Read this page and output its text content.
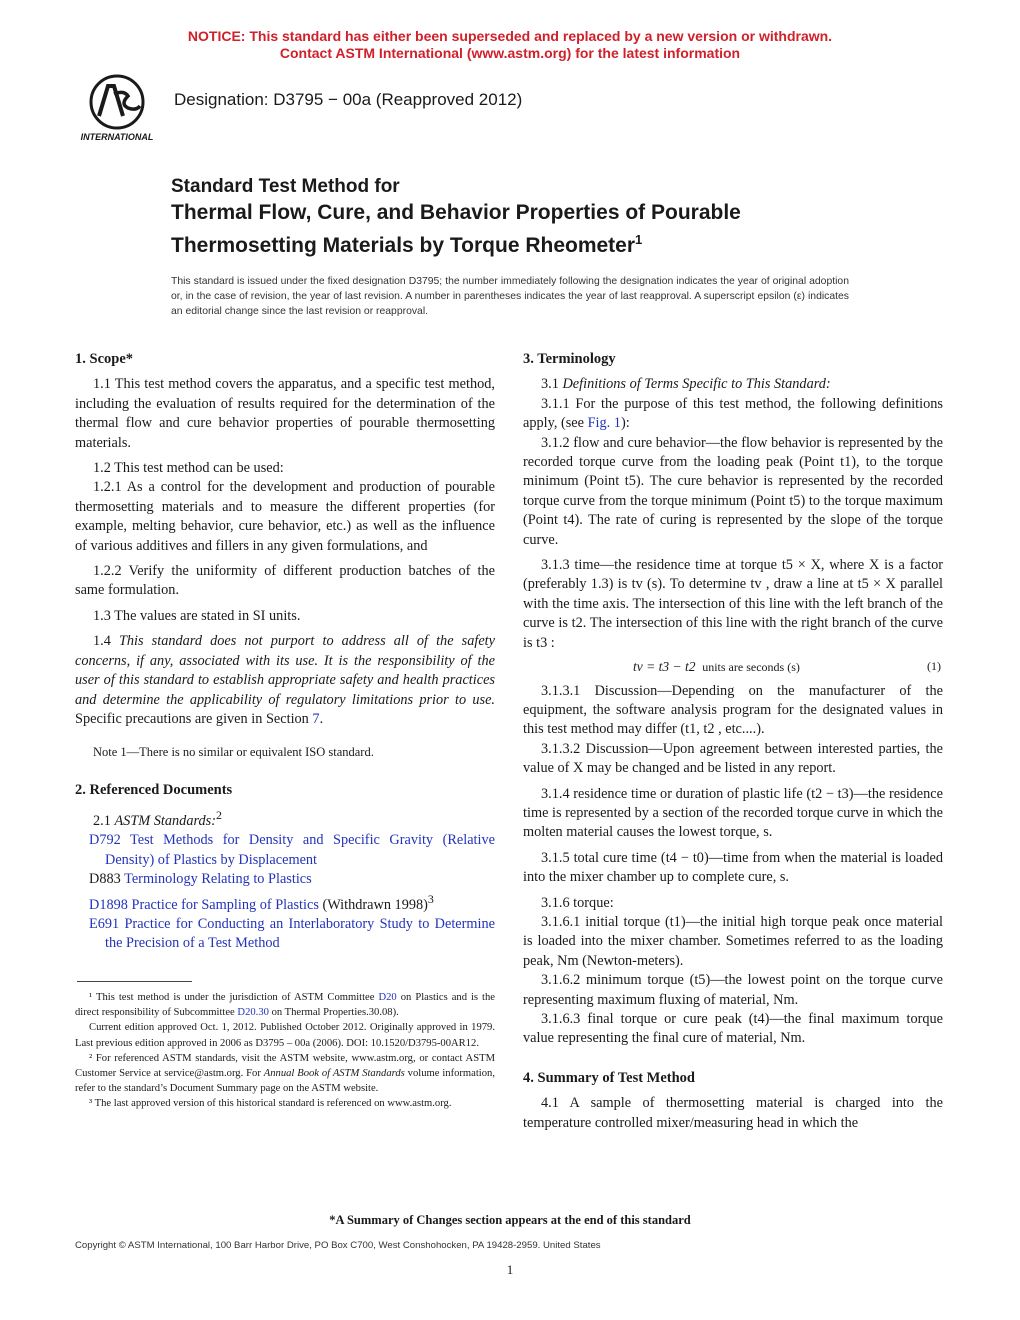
NOTICE: This standard has either been superseded and replaced by a new version or withdrawn.
Contact ASTM International (www.astm.org) for the latest information
INTERNATIONAL
Designation: D3795 − 00a (Reapproved 2012)
Standard Test Method for
Thermal Flow, Cure, and Behavior Properties of Pourable
Thermosetting Materials by Torque Rheometer$^1$
This standard is issued under the fixed designation D3795; the number immediately following the designation indicates the year of original adoption or, in the case of revision, the year of last revision. A number in parentheses indicates the year of last reapproval. A superscript epsilon (ε) indicates an editorial change since the last revision or reapproval.

1. Scope*

1.1 This test method covers the apparatus, and a specific test method, including the evaluation of results required for the determination of the thermal flow and cure behavior properties of pourable thermosetting materials.

1.2 This test method can be used:

1.2.1 As a control for the development and production of pourable thermosetting materials and to measure the different properties (for example, melting behavior, cure behavior, etc.) as well as the influence of various additives and fillers in any given formulations, and

1.2.2 Verify the uniformity of different production batches of the same formulation.

1.3 The values are stated in SI units.

1.4 This standard does not purport to address all of the safety concerns, if any, associated with its use. It is the responsibility of the user of this standard to establish appropriate safety and health practices and determine the applicability of regulatory limitations prior to use. Specific precautions are given in Section 7.

Note 1—There is no similar or equivalent ISO standard.

2. Referenced Documents

2.1 ASTM Standards:$^2$

D792 Test Methods for Density and Specific Gravity (Relative Density) of Plastics by Displacement

D883 Terminology Relating to Plastics

D1898 Practice for Sampling of Plastics (Withdrawn 1998)$^3$

E691 Practice for Conducting an Interlaboratory Study to Determine the Precision of a Test Method

¹ This test method is under the jurisdiction of ASTM Committee D20 on Plastics and is the direct responsibility of Subcommittee D20.30 on Thermal Properties.30.08).

Current edition approved Oct. 1, 2012. Published October 2012. Originally approved in 1979. Last previous edition approved in 2006 as D3795 – 00a (2006). DOI: 10.1520/D3795-00AR12.

² For referenced ASTM standards, visit the ASTM website, www.astm.org, or contact ASTM Customer Service at service@astm.org. For Annual Book of ASTM Standards volume information, refer to the standard’s Document Summary page on the ASTM website.

³ The last approved version of this historical standard is referenced on www.astm.org.

3. Terminology

3.1 Definitions of Terms Specific to This Standard:

3.1.1 For the purpose of this test method, the following definitions apply, (see Fig. 1):

3.1.2 flow and cure behavior—the flow behavior is represented by the recorded torque curve from the loading peak (Point t1), to the torque minimum (Point t5). The cure behavior is represented by the recorded torque curve from the torque minimum (Point t5) to the torque maximum (Point t4). The rate of curing is represented by the slope of the torque curve.

3.1.3 time—the residence time at torque t5 × X, where X is a factor (preferably 1.3) is tv (s). To determine tv , draw a line at t5 × X parallel with the time axis. The intersection of this line with the left branch of the curve is t2. The intersection of this line with the right branch of the curve is t3 :

tv = t3 − t2 units are seconds (s)	(1)

3.1.3.1 Discussion—Depending on the manufacturer of the equipment, the software analysis program for the designated values in this test method may differ (t1, t2 , etc....).

3.1.3.2 Discussion—Upon agreement between interested parties, the value of X may be changed and be listed in any report.

3.1.4 residence time or duration of plastic life (t2 − t3)—the residence time is represented by a section of the recorded torque curve in which the molten material causes the lowest torque, s.

3.1.5 total cure time (t4 − t0)—time from when the material is loaded into the mixer chamber up to complete cure, s.

3.1.6 torque:

3.1.6.1 initial torque (t1)—the initial high torque peak once material is loaded into the mixer chamber. Sometimes referred to as the loading peak, Nm (Newton-meters).

3.1.6.2 minimum torque (t5)—the lowest point on the torque curve representing maximum fluxing of material, Nm.

3.1.6.3 final torque or cure peak (t4)—the final maximum torque value representing the final cure of material, Nm.

4. Summary of Test Method

4.1 A sample of thermosetting material is charged into the temperature controlled mixer/measuring head in which the

*A Summary of Changes section appears at the end of this standard
Copyright © ASTM International, 100 Barr Harbor Drive, PO Box C700, West Conshohocken, PA 19428-2959. United States
1
